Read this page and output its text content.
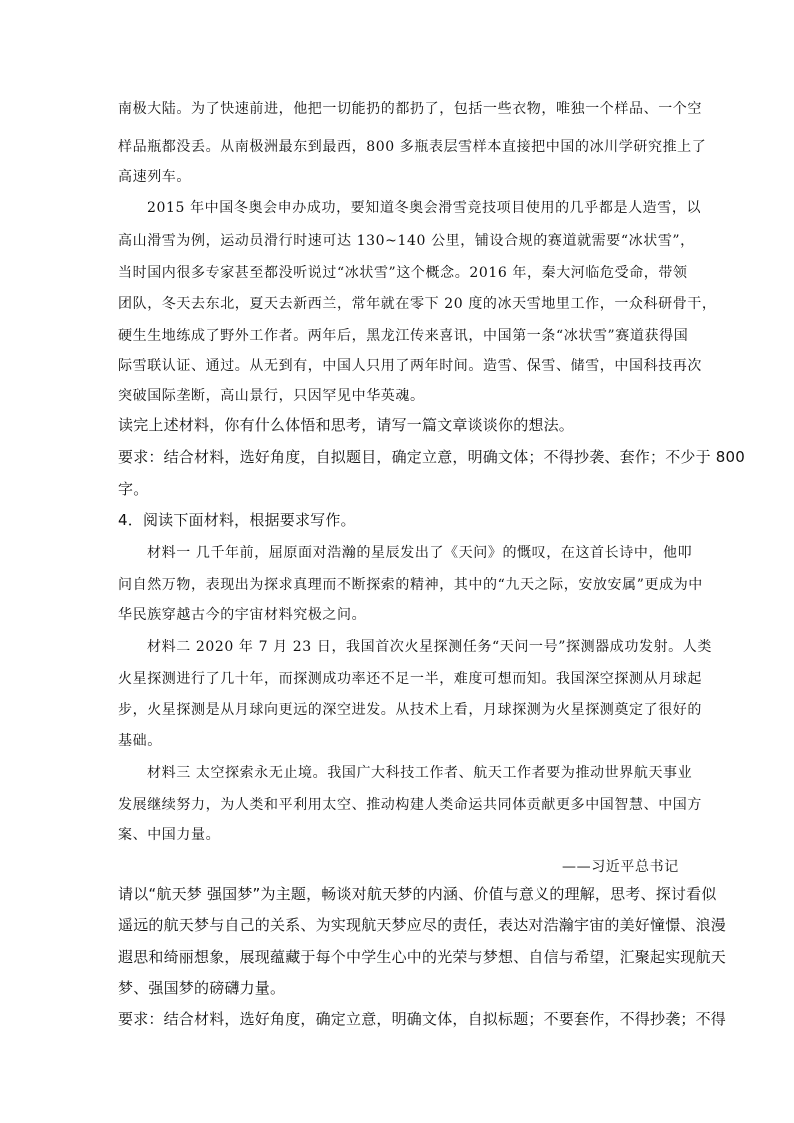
南极大陆。为了快速前进，他把一切能扔的都扔了，包括一些衣物，唯独一个样品、一个空
样品瓶都没丢。从南极洲最东到最西，800 多瓶表层雪样本直接把中国的冰川学研究推上了
高速列车。
2015 年中国冬奥会申办成功，要知道冬奥会滑雪竞技项目使用的几乎都是人造雪，以
高山滑雪为例，运动员滑行时速可达 130~140 公里，铺设合规的赛道就需要“冰状雪”，
当时国内很多专家甚至都没听说过“冰状雪”这个概念。2016 年，秦大河临危受命，带领
团队，冬天去东北，夏天去新西兰，常年就在零下 20 度的冰天雪地里工作，一众科研骨干，
硬生生地练成了野外工作者。两年后，黑龙江传来喜讯，中国第一条“冰状雪”赛道获得国
际雪联认证、通过。从无到有，中国人只用了两年时间。造雪、保雪、储雪，中国科技再次
突破国际垄断，高山景行，只因罕见中华英魂。
读完上述材料，你有什么体悟和思考，请写一篇文章谈谈你的想法。
要求：结合材料，选好角度，自拟题目，确定立意，明确文体；不得抄袭、套作；不少于 800
字。
4．阅读下面材料，根据要求写作。
材料一 几千年前，屈原面对浩瀚的星辰发出了《天问》的慨叹，在这首长诗中，他叩
问自然万物，表现出为探求真理而不断探索的精神，其中的“九天之际，安放安属”更成为中
华民族穿越古今的宇宙材料究极之问。
材料二 2020 年 7 月 23 日，我国首次火星探测任务“天问一号”探测器成功发射。人类
火星探测进行了几十年，而探测成功率还不足一半，难度可想而知。我国深空探测从月球起
步，火星探测是从月球向更远的深空进发。从技术上看，月球探测为火星探测奠定了很好的
基础。
材料三 太空探索永无止境。我国广大科技工作者、航天工作者要为推动世界航天事业
发展继续努力，为人类和平利用太空、推动构建人类命运共同体贡献更多中国智慧、中国方
案、中国力量。
——习近平总书记
请以“航天梦 强国梦”为主题，畅谈对航天梦的内涵、价值与意义的理解，思考、探讨看似
遥远的航天梦与自己的关系、为实现航天梦应尽的责任，表达对浩瀚宇宙的美好憧憬、浪漫
遐思和绮丽想象，展现蕴藏于每个中学生心中的光荣与梦想、自信与希望，汇聚起实现航天
梦、强国梦的磅礴力量。
要求：结合材料，选好角度，确定立意，明确文体，自拟标题；不要套作，不得抄袭；不得
